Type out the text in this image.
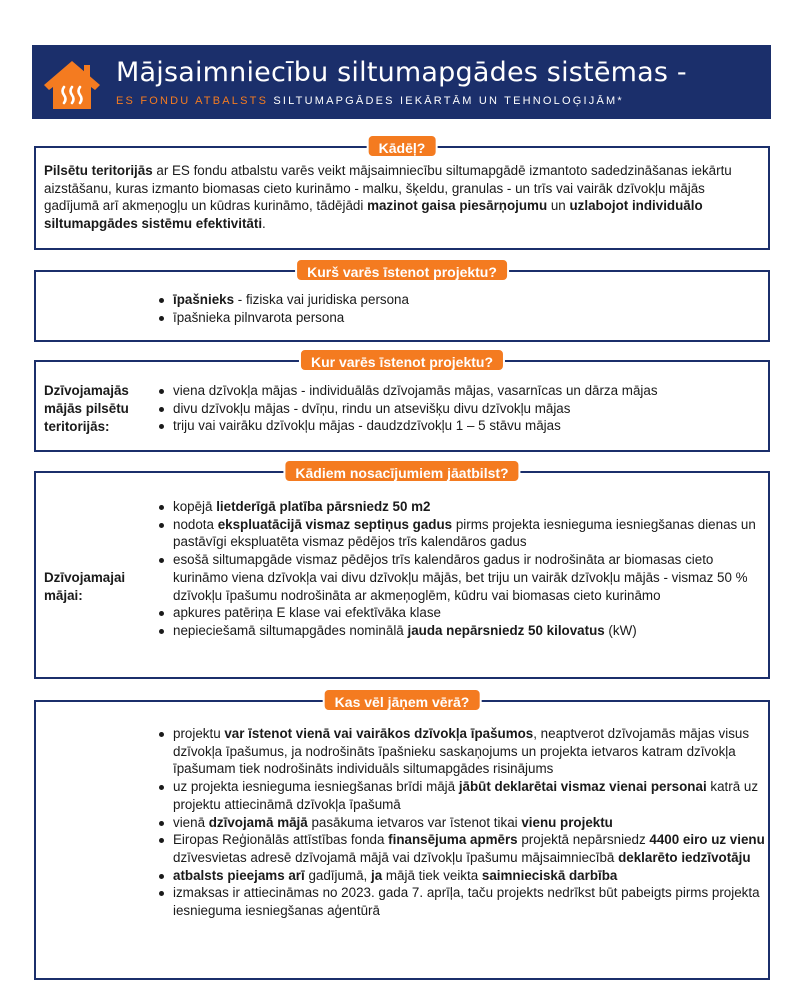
Mājsaimniecību siltumapgādes sistēmas -
ES FONDU ATBALSTS SILTUMAPGĀDES IEKĀRTĀM UN TEHNOLOĢIJĀM*
Kādēļ?
Pilsētu teritorijās ar ES fondu atbalstu varēs veikt mājsaimniecību siltumapgādē izmantoto sadedzināšanas iekārtu aizstāšanu, kuras izmanto biomasas cieto kurināmo - malku, šķeldu, granulas - un trīs vai vairāk dzīvokļu mājās gadījumā arī akmeņogļu un kūdras kurināmo, tādējādi mazinot gaisa piesārņojumu un uzlabojot individuālo siltumapgādes sistēmu efektivitāti.
Kurš varēs īstenot projektu?
īpašnieks - fiziska vai juridiska persona
īpašnieka pilnvarota persona
Kur varēs īstenot projektu?
Dzīvojamajās mājās pilsētu teritorijās:
viena dzīvokļa mājas - individuālās dzīvojamās mājas, vasarnīcas un dārza mājas
divu dzīvokļu mājas - dvīņu, rindu un atsevišķu divu dzīvokļu mājas
triju vai vairāku dzīvokļu mājas - daudzdzīvokļu 1 – 5 stāvu mājas
Kādiem nosacījumiem jāatbilst?
Dzīvojamajai mājai:
kopējā lietderīgā platība pārsniedz 50 m2
nodota ekspluatācijā vismaz septiņus gadus pirms projekta iesnieguma iesniegšanas dienas un pastāvīgi ekspluatēta vismaz pēdējos trīs kalendāros gadus
esošā siltumapgāde vismaz pēdējos trīs kalendāros gadus ir nodrošināta ar biomasas cieto kurināmo viena dzīvokļa vai divu dzīvokļu mājās, bet triju un vairāk dzīvokļu mājās - vismaz 50 % dzīvokļu īpašumu nodrošināta ar akmeņoglēm, kūdru vai biomasas cieto kurināmo
apkures patēriņa E klase vai efektīvāka klase
nepieciešamā siltumapgādes nominālā jauda nepārsniedz 50 kilovatus (kW)
Kas vēl jāņem vērā?
projektu var īstenot vienā vai vairākos dzīvokļa īpašumos, neaptverot dzīvojamās mājas visus dzīvokļa īpašumus, ja nodrošināts īpašnieku saskaņojums un projekta ietvaros katram dzīvokļa īpašumam tiek nodrošināts individuāls siltumapgādes risinājums
uz projekta iesnieguma iesniegšanas brīdi mājā jābūt deklarētai vismaz vienai personai katrā uz projektu attiecināmā dzīvokļa īpašumā
vienā dzīvojamā mājā pasākuma ietvaros var īstenot tikai vienu projektu
Eiropas Reģionālās attīstības fonda finansējuma apmērs projektā nepārsniedz 4400 eiro uz vienu dzīvesvietas adresē dzīvojamā mājā vai dzīvokļu īpašumu mājsaimniecībā deklarēto iedzīvotāju
atbalsts pieejams arī gadījumā, ja mājā tiek veikta saimnieciskā darbība
izmaksas ir attiecināmas no 2023. gada 7. aprīļa, taču projekts nedrīkst būt pabeigts pirms projekta iesnieguma iesniegšanas aģentūrā
